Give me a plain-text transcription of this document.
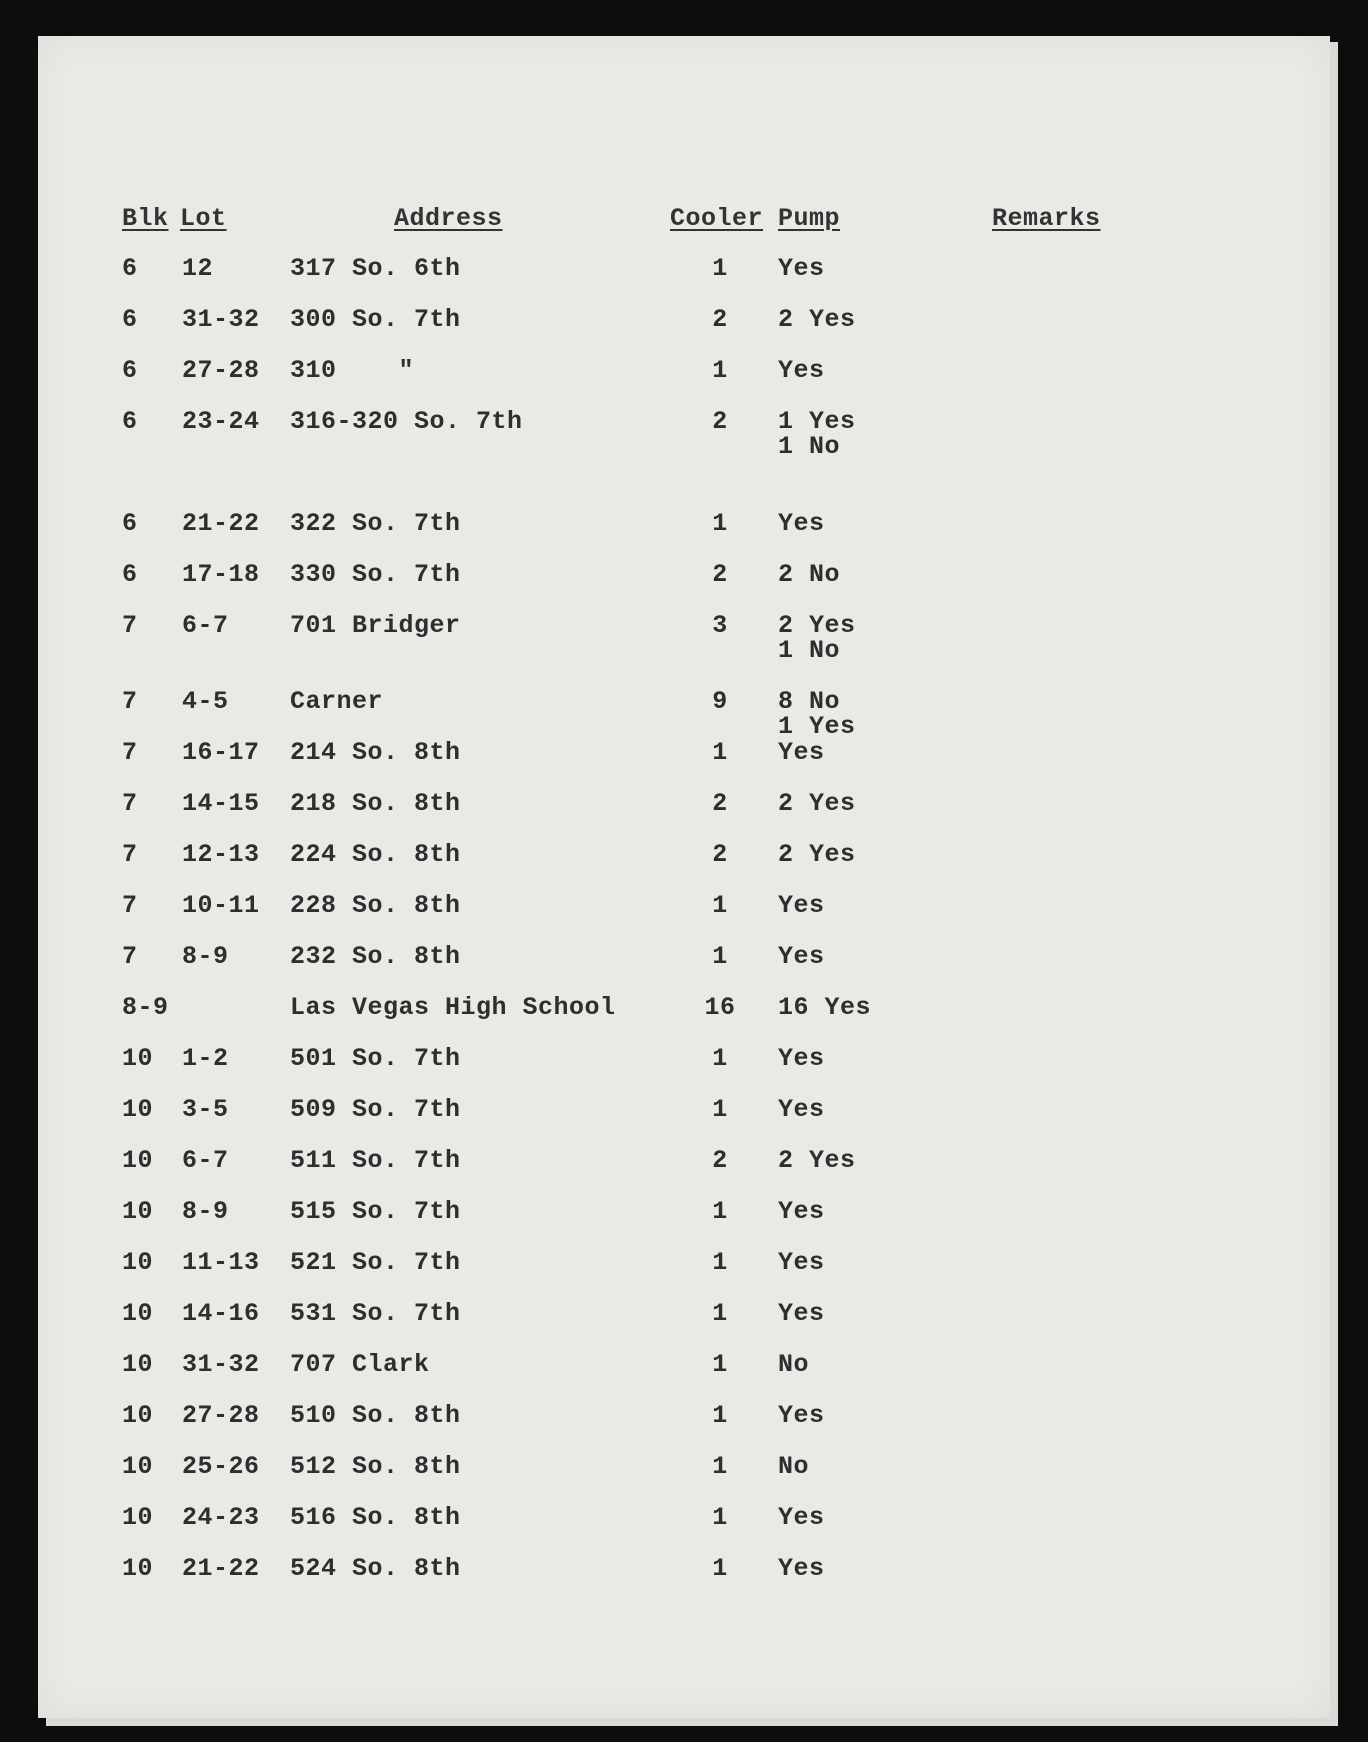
Blk Lot	Address	Cooler Pump	Remarks
6 12	317 So. 6th	1	Yes
6 31-32 300 So. 7th	2	2 Yes
6 27-28 310    "	1	Yes
6 23-24 316-320 So. 7th	2	1 Yes
1 No
6 21-22 322 So. 7th	1	Yes
6 17-18 330 So. 7th	2	2 No
7 6-7 701 Bridger	3	2 Yes
1 No
7 4-5 Carner	9	8 No
1 Yes
7 16-17 214 So. 8th	1	Yes
7 14-15 218 So. 8th	2	2 Yes
7 12-13 224 So. 8th	2	2 Yes
7 10-11 228 So. 8th	1	Yes
7 8-9 232 So. 8th	1	Yes
8-9	Las Vegas High School	16	16 Yes
10 1-2 501 So. 7th	1	Yes
10 3-5 509 So. 7th	1	Yes
10 6-7 511 So. 7th	2	2 Yes
10 8-9 515 So. 7th	1	Yes
10 11-13 521 So. 7th	1	Yes
10 14-16 531 So. 7th	1	Yes
10 31-32 707 Clark	1	No
10 27-28 510 So. 8th	1	Yes
10 25-26 512 So. 8th	1	No
10 24-23 516 So. 8th	1	Yes
10 21-22 524 So. 8th	1	Yes
